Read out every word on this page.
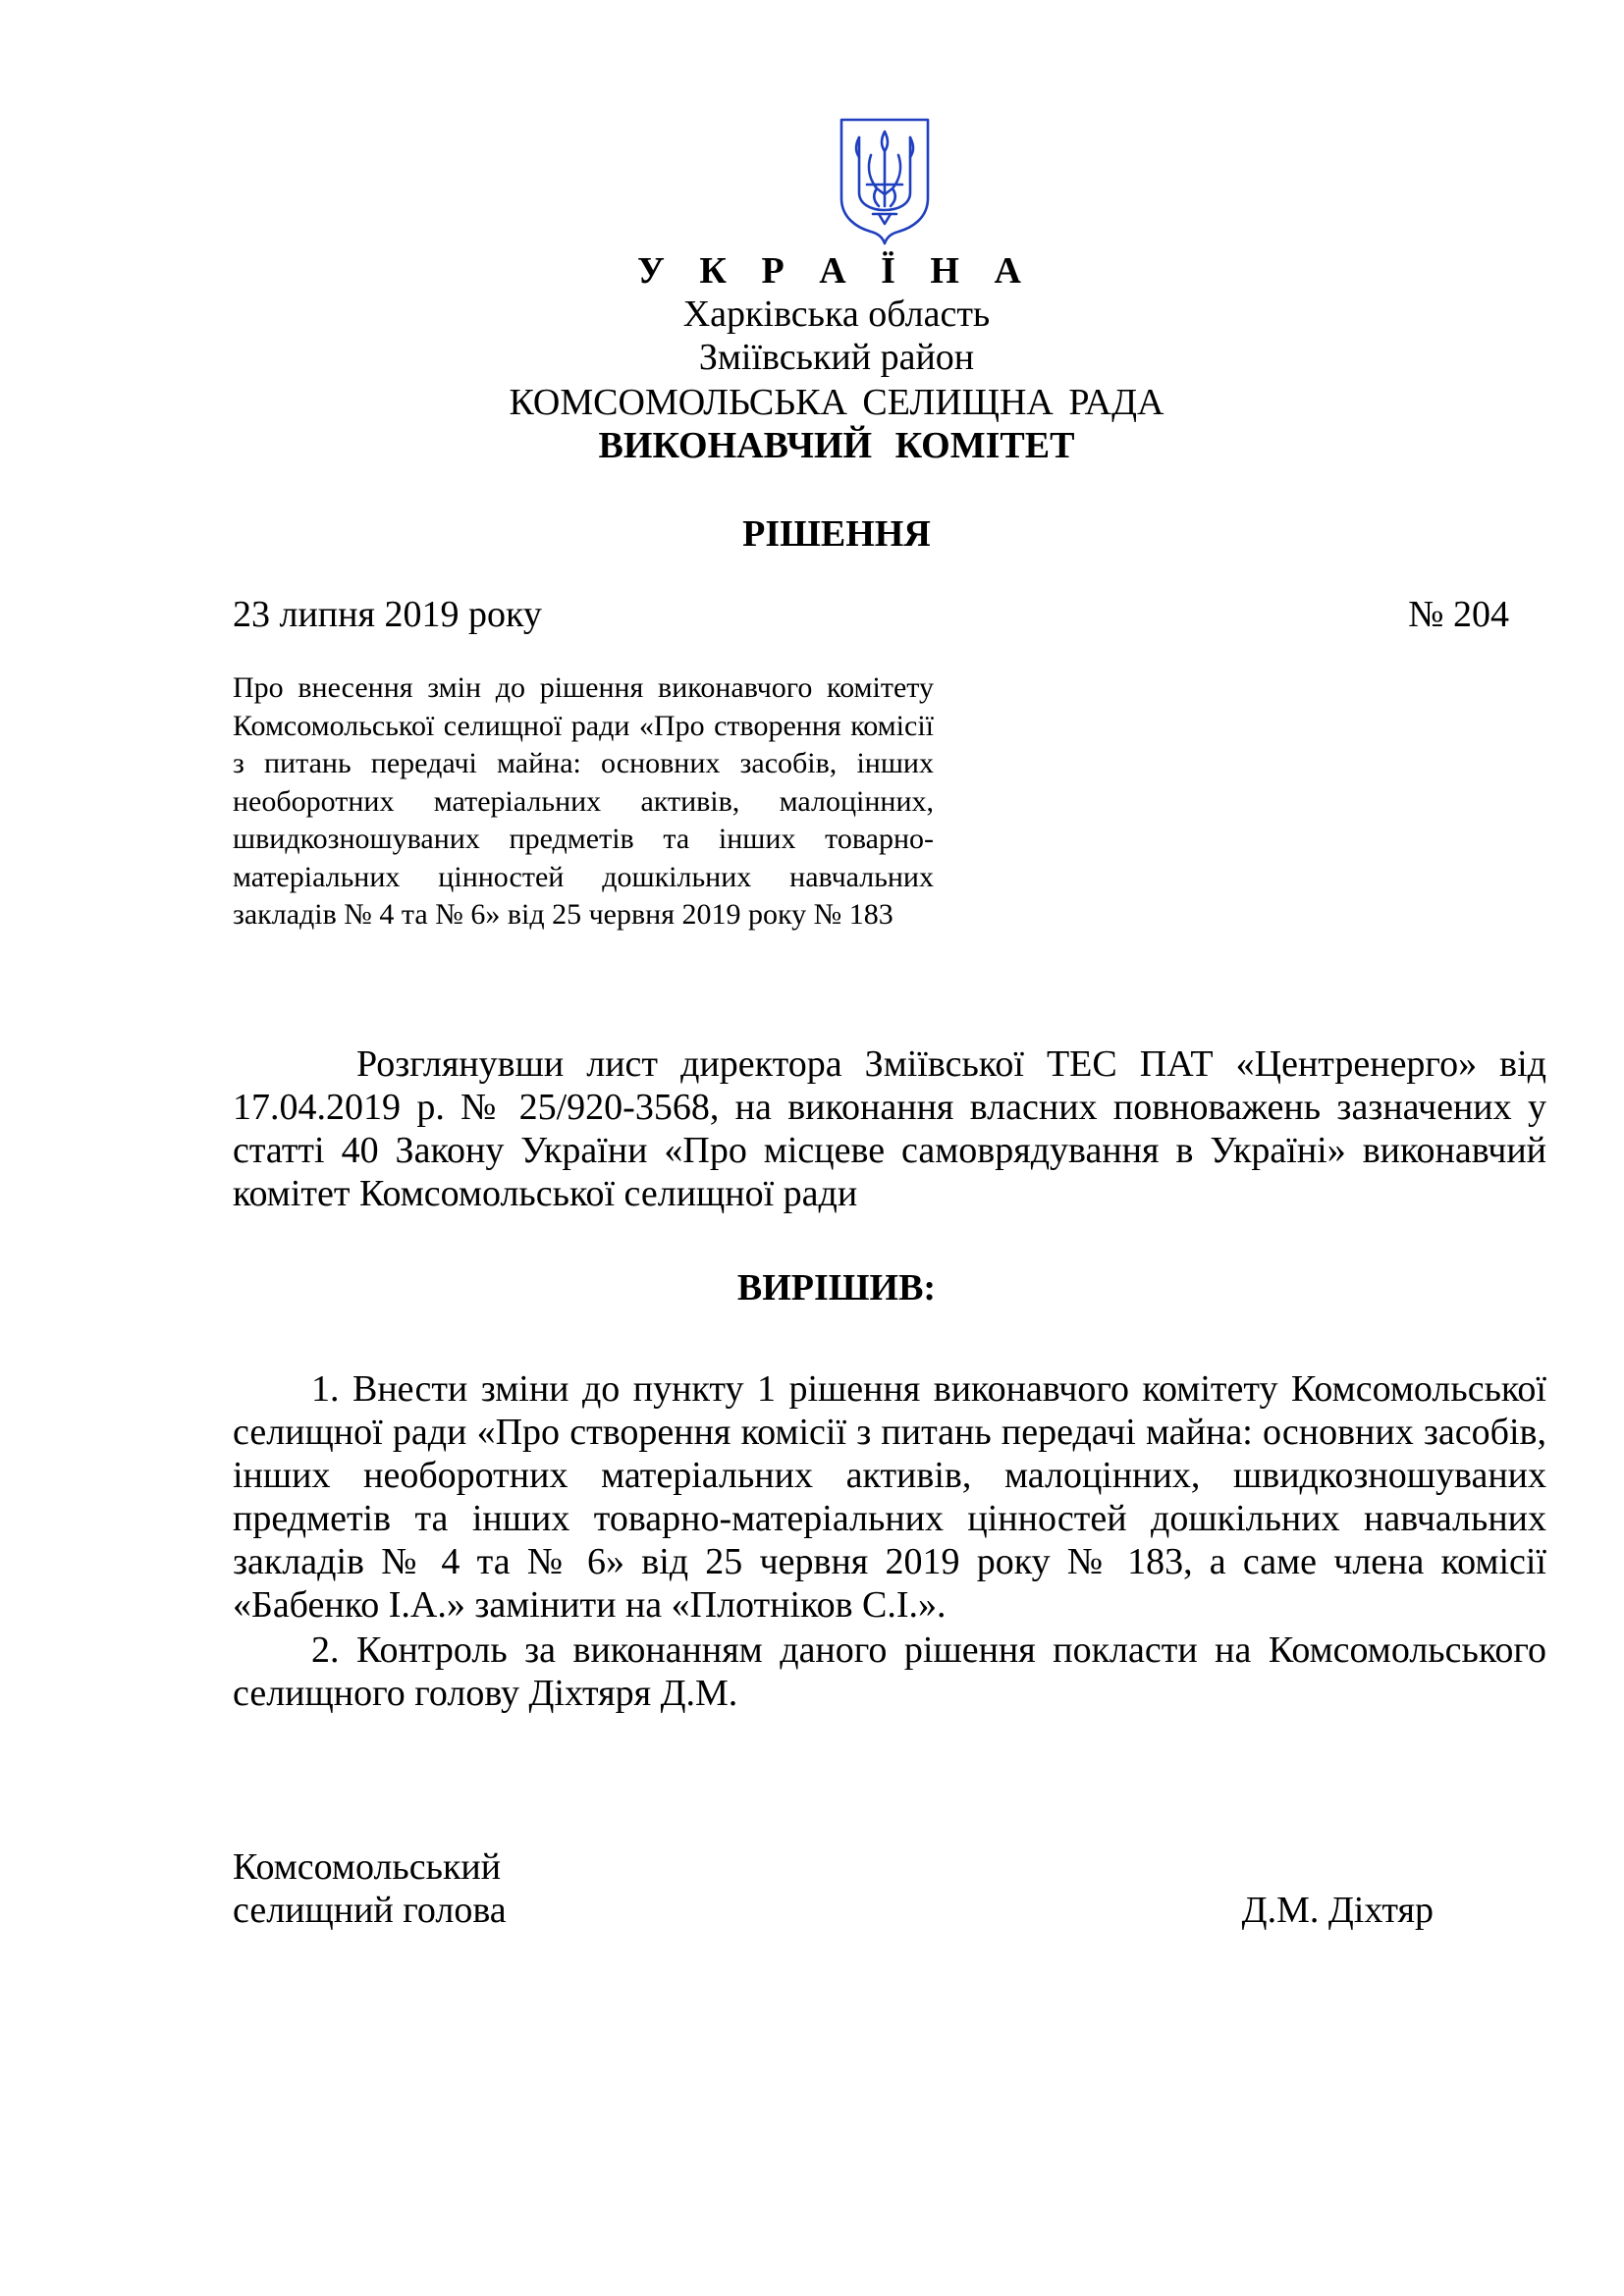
У К Р А Ї Н А
Харківська область
Зміївський район
КОМСОМОЛЬСЬКА СЕЛИЩНА РАДА
ВИКОНАВЧИЙ КОМІТЕТ
РІШЕННЯ
23 липня 2019 року	№ 204
Про внесення змін до рішення виконавчого комітету Комсомольської селищної ради «Про створення комісії з питань передачі майна: основних засобів, інших необоротних матеріальних активів, малоцінних, швидкозношуваних предметів та інших товарно-матеріальних цінностей дошкільних навчальних закладів № 4 та № 6» від 25 червня 2019 року № 183
Розглянувши лист директора Зміївської ТЕС ПАТ «Центренерго» від 17.04.2019 р. № 25/920-3568, на виконання власних повноважень зазначених у статті 40 Закону України «Про місцеве самоврядування в Україні» виконавчий комітет Комсомольської селищної ради
ВИРІШИВ:
1. Внести зміни до пункту 1 рішення виконавчого комітету Комсомольської селищної ради «Про створення комісії з питань передачі майна: основних засобів, інших необоротних матеріальних активів, малоцінних, швидкозношуваних предметів та інших товарно-матеріальних цінностей дошкільних навчальних закладів № 4 та № 6» від 25 червня 2019 року № 183, а саме члена комісії «Бабенко І.А.» замінити на «Плотніков С.І.».
2. Контроль за виконанням даного рішення покласти на Комсомольського селищного голову Діхтяря Д.М.
Комсомольський
селищний голова	Д.М. Діхтяр
